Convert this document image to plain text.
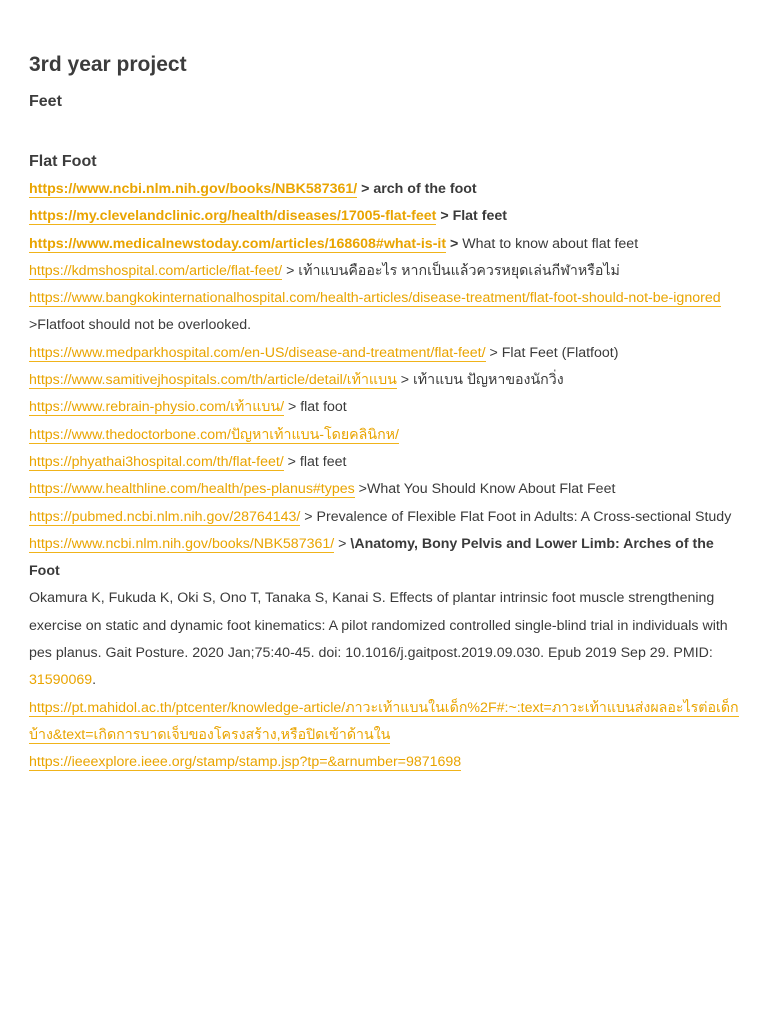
3rd year project
Feet
Flat Foot

https://www.ncbi.nlm.nih.gov/books/NBK587361/ > arch of the foot

https://my.clevelandclinic.org/health/diseases/17005-flat-feet > Flat feet

https://www.medicalnewstoday.com/articles/168608#what-is-it > What to know about flat feet

https://kdmshospital.com/article/flat-feet/ > เท้าแบนคืออะไร หากเป็นแล้วควรหยุดเล่นกีฬาหรือไม่

https://www.bangkokinternationalhospital.com/health-articles/disease-treatment/flat-foot-should-not-be-ignored >Flatfoot should not be overlooked.

https://www.medparkhospital.com/en-US/disease-and-treatment/flat-feet/ > Flat Feet (Flatfoot)

https://www.samitivejhospitals.com/th/article/detail/เท้าแบน > เท้าแบน ปัญหาของนักวิ่ง

https://www.rebrain-physio.com/เท้าแบน/ > flat foot

https://www.thedoctorbone.com/ปัญหาเท้าแบน-โดยคลินิกห/

https://phyathai3hospital.com/th/flat-feet/ > flat feet

https://www.healthline.com/health/pes-planus#types >What You Should Know About Flat Feet

https://pubmed.ncbi.nlm.nih.gov/28764143/ > Prevalence of Flexible Flat Foot in Adults: A Cross-sectional Study

https://www.ncbi.nlm.nih.gov/books/NBK587361/ > \Anatomy, Bony Pelvis and Lower Limb: Arches of the Foot

Okamura K, Fukuda K, Oki S, Ono T, Tanaka S, Kanai S. Effects of plantar intrinsic foot muscle strengthening exercise on static and dynamic foot kinematics: A pilot randomized controlled single-blind trial in individuals with pes planus. Gait Posture. 2020 Jan;75:40-45. doi: 10.1016/j.gaitpost.2019.09.030. Epub 2019 Sep 29. PMID: 31590069.

https://pt.mahidol.ac.th/ptcenter/knowledge-article/ภาวะเท้าแบนในเด็ก%2F#:~:text=ภาวะเท้าแบนส่งผลอะไรต่อเด็กบ้าง&text=เกิดการบาดเจ็บของโครงสร้าง,หรือปิดเข้าด้านใน

https://ieeexplore.ieee.org/stamp/stamp.jsp?tp=&arnumber=9871698
